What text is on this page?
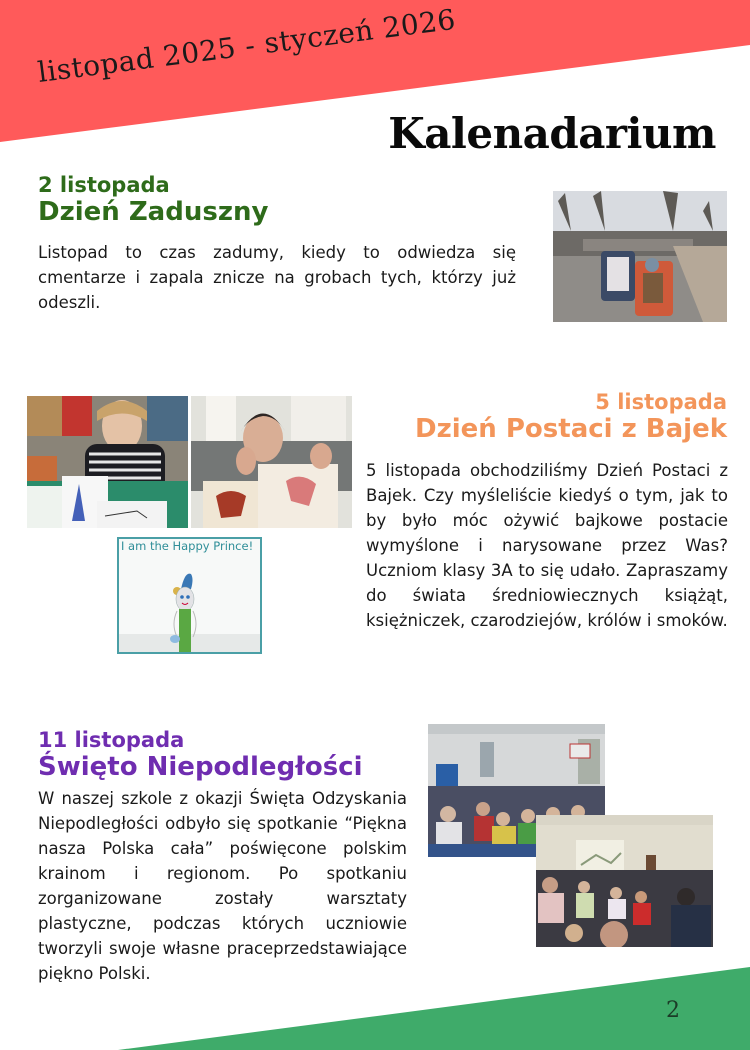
listopad 2025 - styczeń 2026
Kalenadarium
2 listopada
Dzień Zaduszny
Listopad to czas zadumy, kiedy to odwiedza się cmentarze i zapala znicze na grobach tych, którzy już odeszli.
I am the Happy Prince!
5 listopada
Dzień Postaci z Bajek
5 listopada obchodziliśmy Dzień Postaci z Bajek. Czy myśleliście kiedyś o tym, jak to by było móc ożywić bajkowe postacie wymyślone i narysowane przez Was? Uczniom klasy 3A to się udało. Zapraszamy do świata średniowiecznych książąt, księżniczek, czarodziejów, królów i smoków.
11 listopada
Święto Niepodległości
W naszej szkole z okazji Święta Odzyskania Niepodległości odbyło się spotkanie “Piękna nasza Polska cała” poświęcone polskim krainom i regionom. Po spotkaniu zorganizowane zostały warsztaty plastyczne, podczas których uczniowie tworzyli swoje własne praceprzedstawiające piękno Polski.
2
